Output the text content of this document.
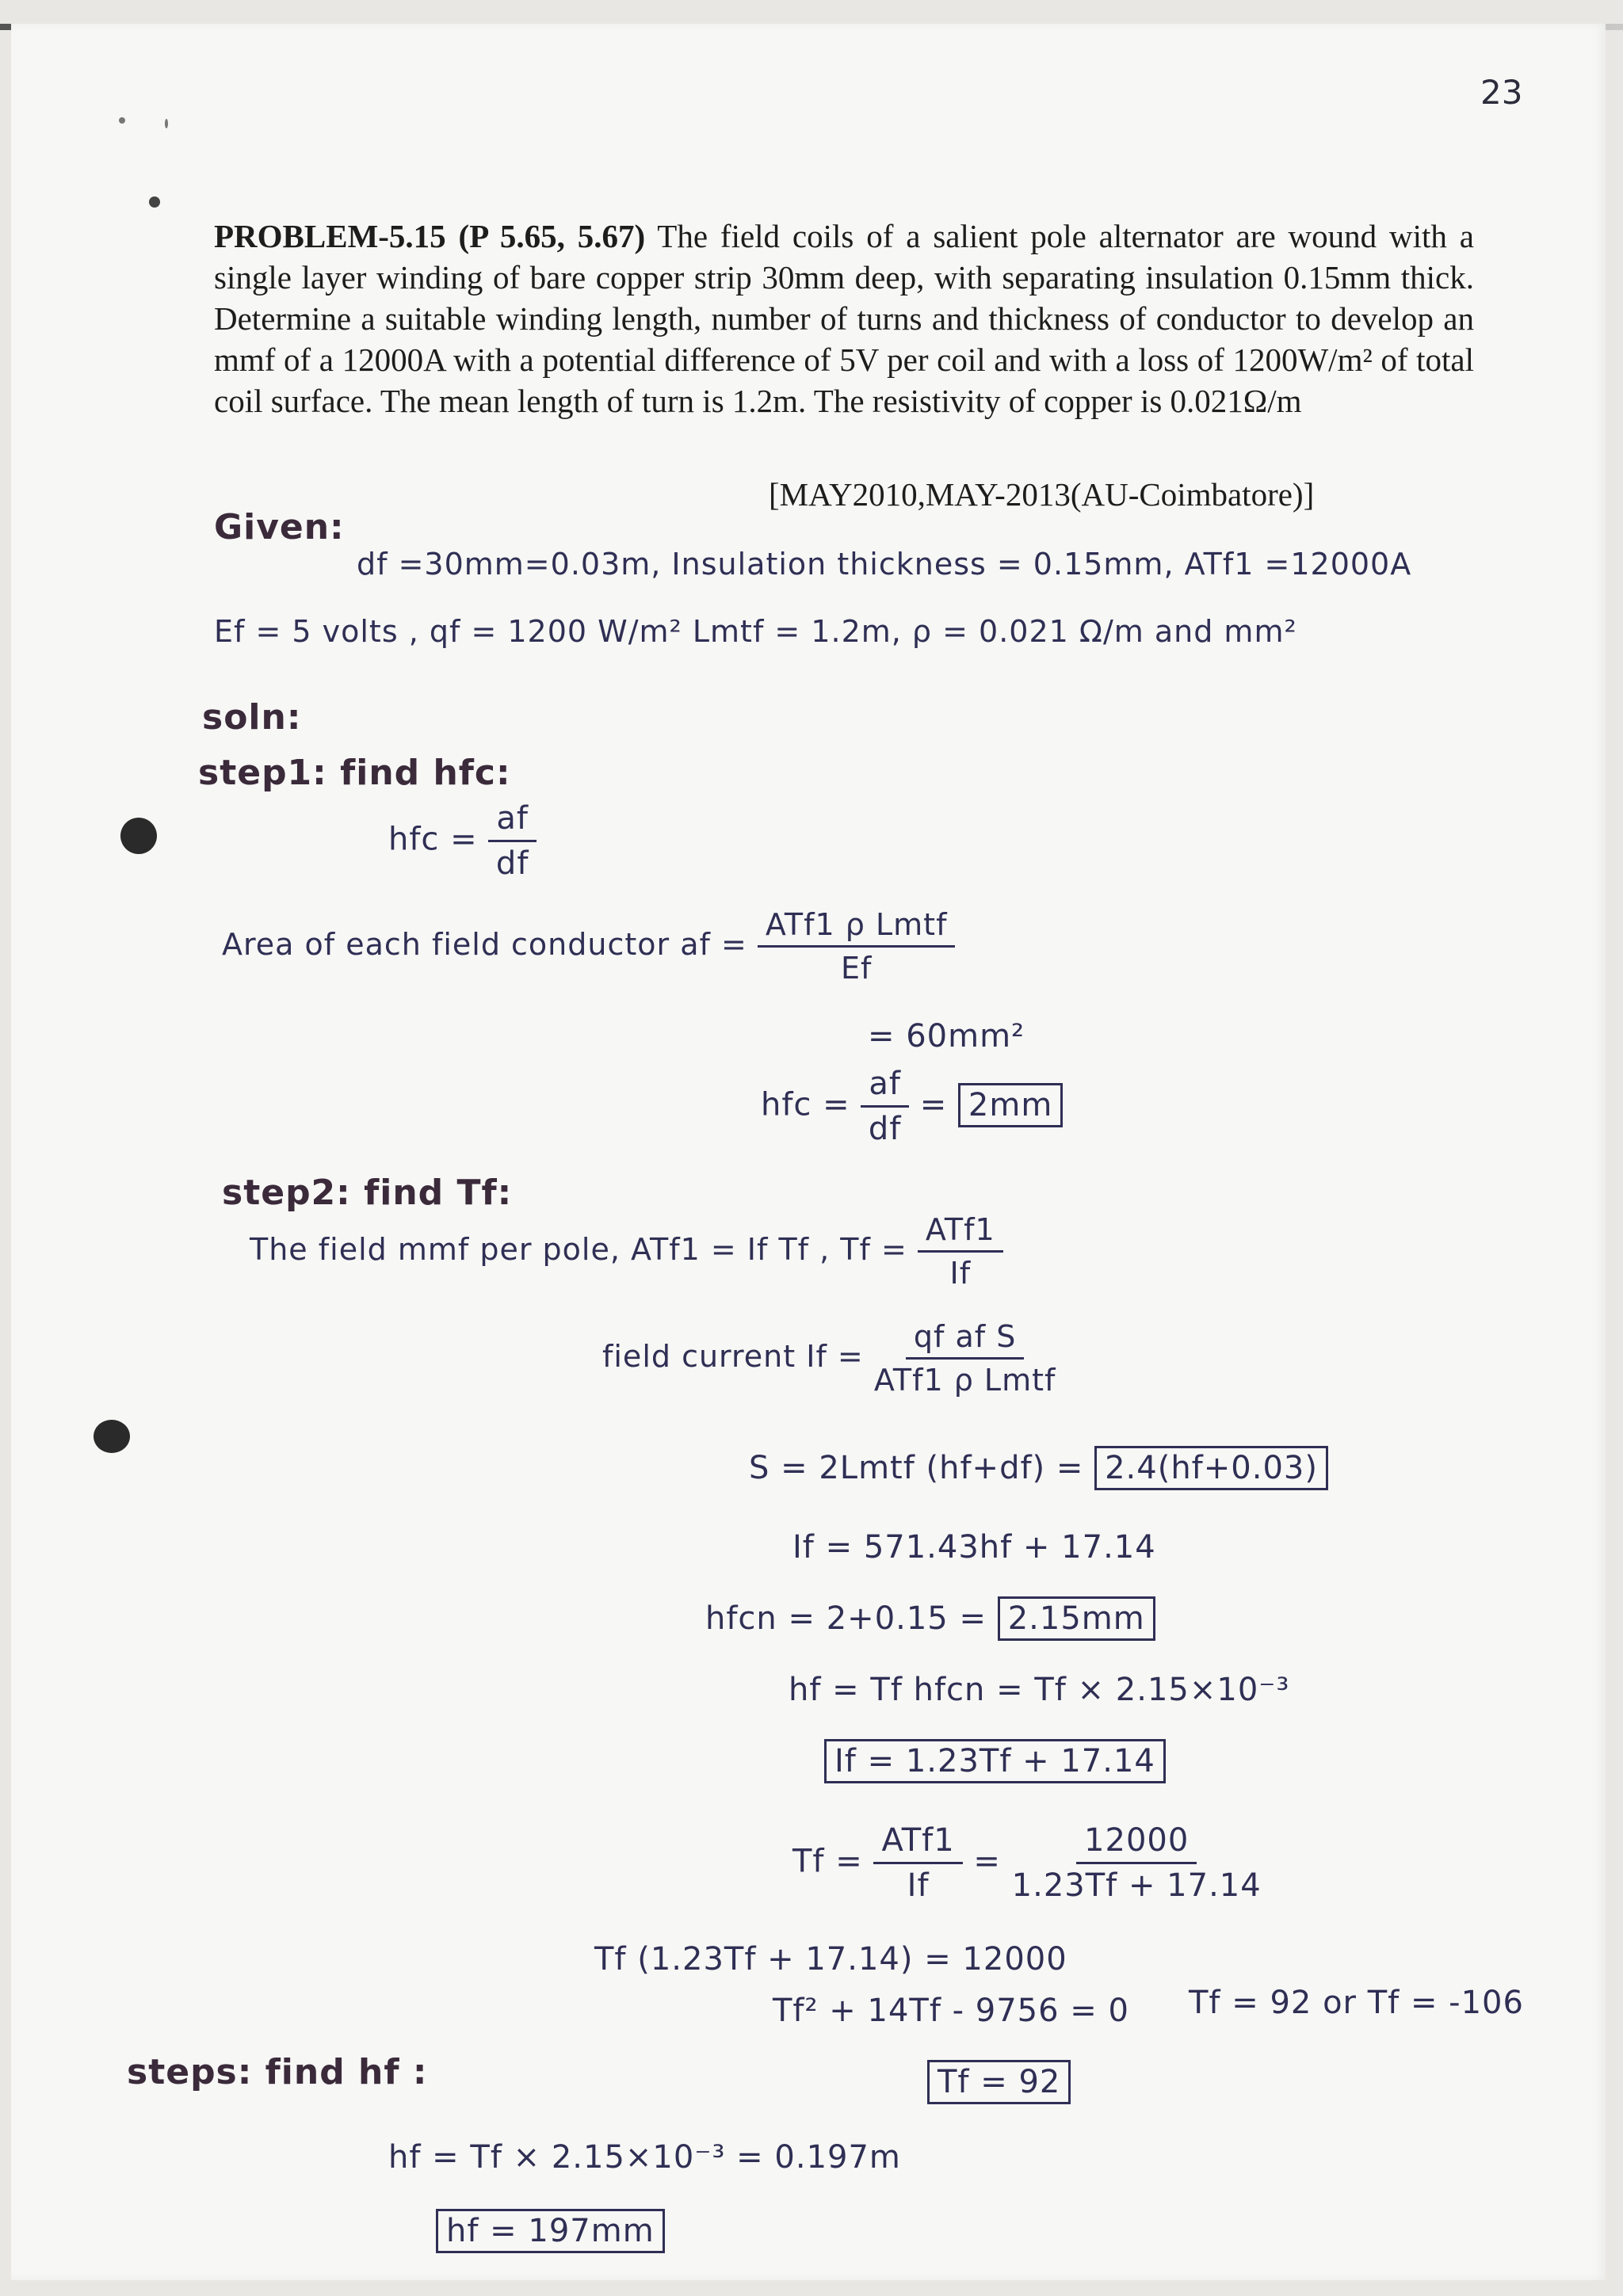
23
PROBLEM-5.15 (P 5.65, 5.67) The field coils of a salient pole alternator are wound with a single layer winding of bare copper strip 30mm deep, with separating insulation 0.15mm thick. Determine a suitable winding length, number of turns and thickness of conductor to develop an mmf of a 12000A with a potential difference of 5V per coil and with a loss of 1200W/m² of total coil surface. The mean length of turn is 1.2m. The resistivity of copper is 0.021Ω/m
[MAY2010,MAY-2013(AU-Coimbatore)]
Given:
df =30mm=0.03m, Insulation thickness = 0.15mm, ATf1 =12000A
Ef = 5 volts , qf = 1200 W/m² Lmtf = 1.2m, ρ = 0.021 Ω/m and mm²
soln:
step1: find hfc:
hfc = $\frac{af}{df}$
Area of each field conductor af = $\frac{\text{ATf1 ρ Lmtf}}{Ef}$
= 60mm²
hfc = $\frac{af}{df} = 2mm$
step2: find Tf:
The field mmf per pole, ATf1 = If Tf , $Tf = \frac{\text{ATf1}}{If}$
field current $If = \frac{\text{qf af S}}{\text{ATf1 ρ Lmtf}}$
S = 2Lmtf (hf+df) = 2.4(hf+0.03)
If = 571.43hf + 17.14
hfcn = 2+0.15 = 2.15mm
hf = Tf hfcn = Tf × 2.15×10⁻³
If = 1.23Tf + 17.14
$Tf = \frac{\text{ATf1}}{If} = \frac{12000}{1.23Tf + 17.14}$
Tf (1.23Tf + 17.14) = 12000
Tf² + 14Tf - 9756 = 0 Tf = 92 or Tf = -106
Tf = 92
steps: find hf :
hf = Tf × 2.15×10⁻³ = 0.197m
hf = 197mm
